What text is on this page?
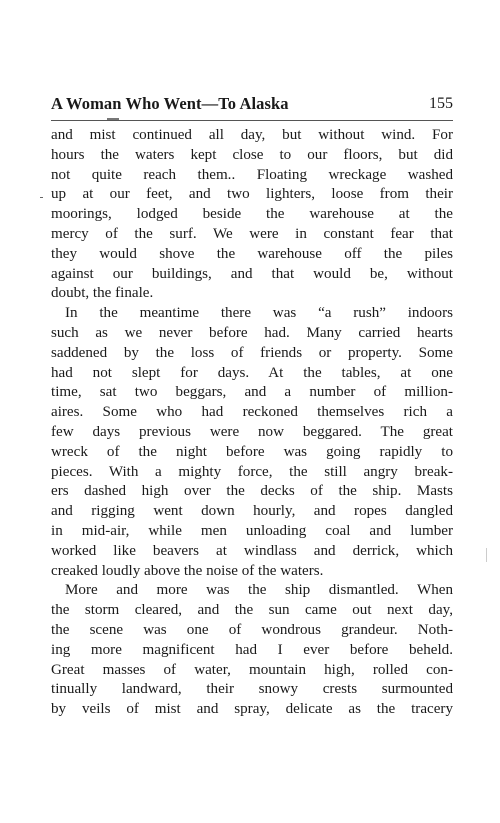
A Woman Who Went—To Alaska	155
and mist continued all day, but without wind. For
hours the waters kept close to our floors, but did
not quite reach them.. Floating wreckage washed
up at our feet, and two lighters, loose from their
moorings, lodged beside the warehouse at the
mercy of the surf. We were in constant fear that
they would shove the warehouse off the piles
against our buildings, and that would be, without
doubt, the finale.
In the meantime there was “a rush” indoors
such as we never before had. Many carried hearts
saddened by the loss of friends or property. Some
had not slept for days. At the tables, at one
time, sat two beggars, and a number of million-
aires. Some who had reckoned themselves rich a
few days previous were now beggared. The great
wreck of the night before was going rapidly to
pieces. With a mighty force, the still angry break-
ers dashed high over the decks of the ship. Masts
and rigging went down hourly, and ropes dangled
in mid-air, while men unloading coal and lumber
worked like beavers at windlass and derrick, which
creaked loudly above the noise of the waters.
More and more was the ship dismantled. When
the storm cleared, and the sun came out next day,
the scene was one of wondrous grandeur. Noth-
ing more magnificent had I ever before beheld.
Great masses of water, mountain high, rolled con-
tinually landward, their snowy crests surmounted
by veils of mist and spray, delicate as the tracery
